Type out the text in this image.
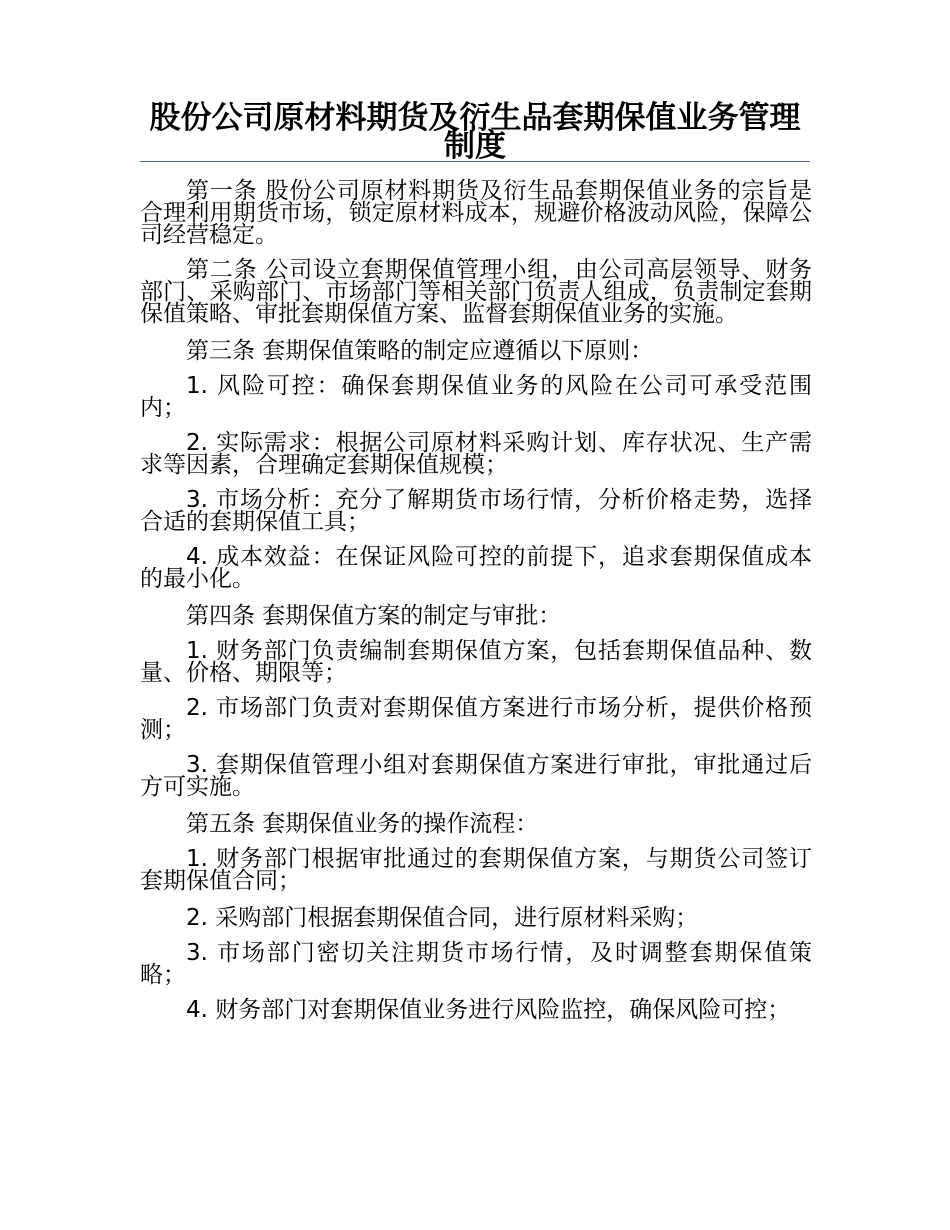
股份公司原材料期货及衍生品套期保值业务管理制度

第一条 股份公司原材料期货及衍生品套期保值业务的宗旨是合理利用期货市场，锁定原材料成本，规避价格波动风险，保障公司经营稳定。

第二条 公司设立套期保值管理小组，由公司高层领导、财务部门、采购部门、市场部门等相关部门负责人组成，负责制定套期保值策略、审批套期保值方案、监督套期保值业务的实施。

第三条 套期保值策略的制定应遵循以下原则：

1. 风险可控：确保套期保值业务的风险在公司可承受范围内；

2. 实际需求：根据公司原材料采购计划、库存状况、生产需求等因素，合理确定套期保值规模；

3. 市场分析：充分了解期货市场行情，分析价格走势，选择合适的套期保值工具；

4. 成本效益：在保证风险可控的前提下，追求套期保值成本的最小化。

第四条 套期保值方案的制定与审批：

1. 财务部门负责编制套期保值方案，包括套期保值品种、数量、价格、期限等；

2. 市场部门负责对套期保值方案进行市场分析，提供价格预测；

3. 套期保值管理小组对套期保值方案进行审批，审批通过后方可实施。

第五条 套期保值业务的操作流程：

1. 财务部门根据审批通过的套期保值方案，与期货公司签订套期保值合同；

2. 采购部门根据套期保值合同，进行原材料采购；

3. 市场部门密切关注期货市场行情，及时调整套期保值策略；

4. 财务部门对套期保值业务进行风险监控，确保风险可控；
